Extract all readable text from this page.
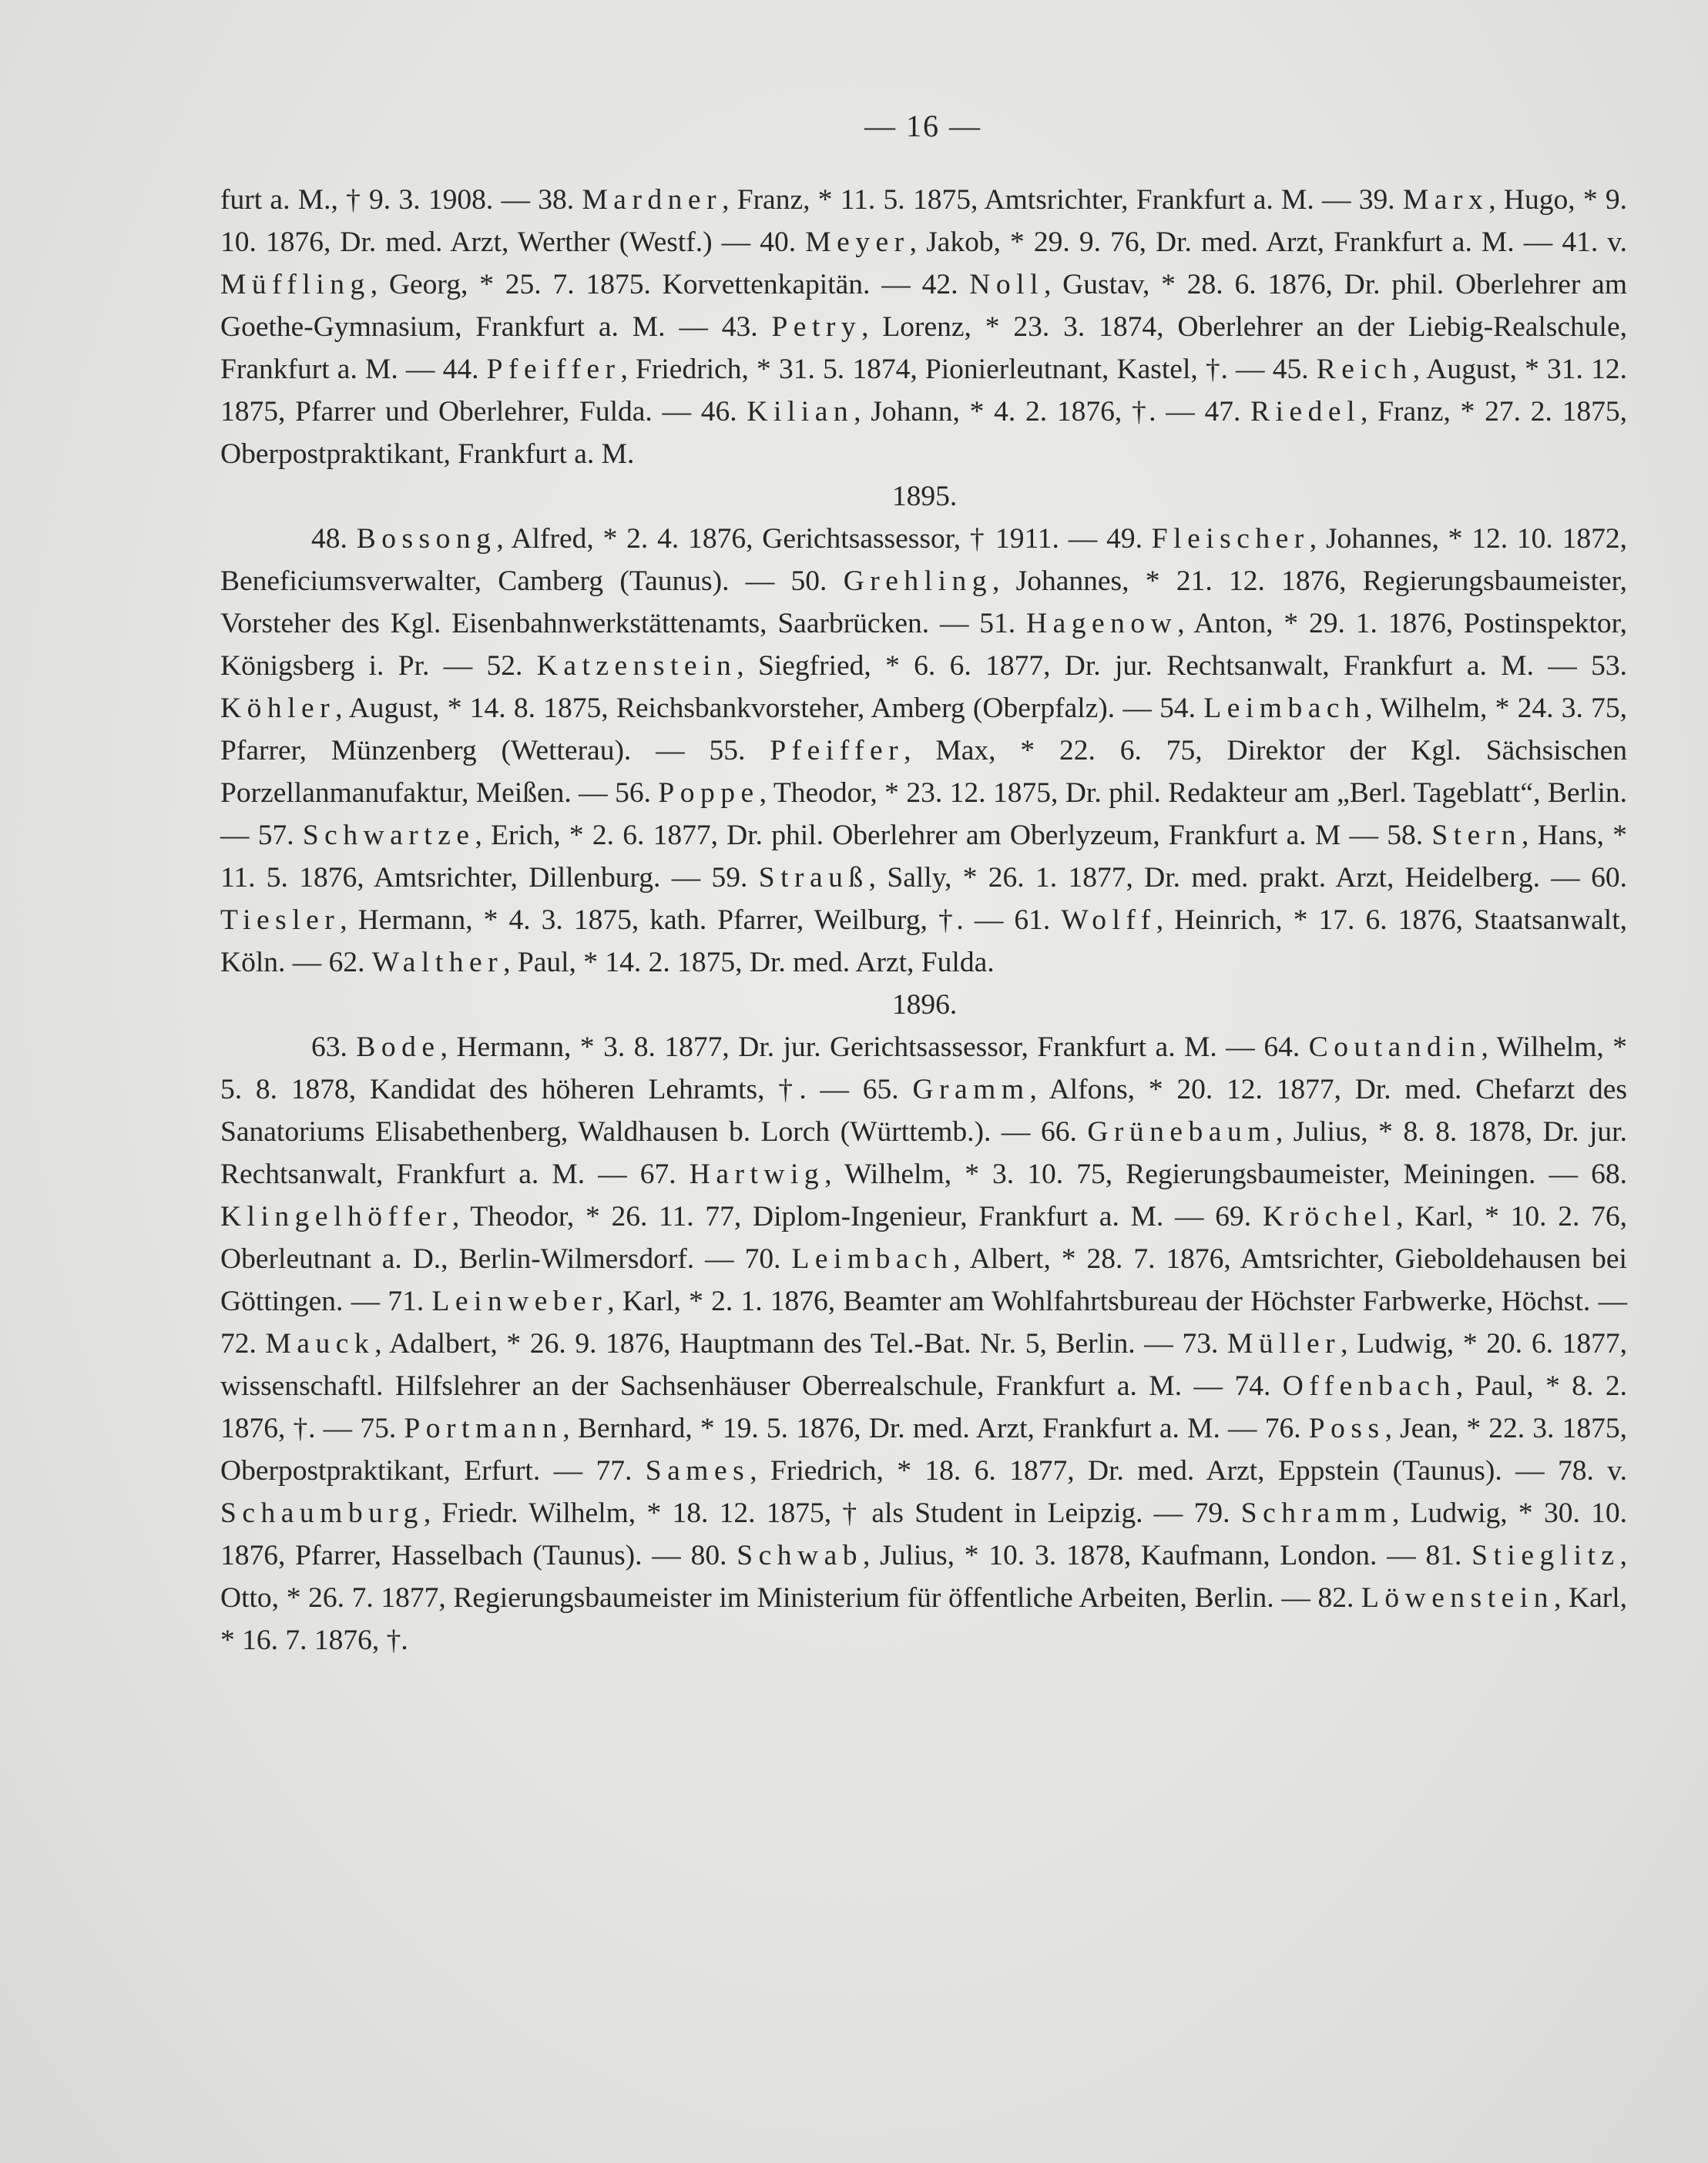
— 16 —

furt a. M., † 9. 3. 1908. — 38. Mardner, Franz, * 11. 5. 1875, Amtsrichter, Frankfurt a. M. — 39. Marx, Hugo, * 9. 10. 1876, Dr. med. Arzt, Werther (Westf.) — 40. Meyer, Jakob, * 29. 9. 76, Dr. med. Arzt, Frankfurt a. M. — 41. v. Müffling, Georg, * 25. 7. 1875. Korvettenkapitän. — 42. Noll, Gustav, * 28. 6. 1876, Dr. phil. Oberlehrer am Goethe-Gymnasium, Frankfurt a. M. — 43. Petry, Lorenz, * 23. 3. 1874, Oberlehrer an der Liebig-Realschule, Frankfurt a. M. — 44. Pfeiffer, Friedrich, * 31. 5. 1874, Pionierleutnant, Kastel, †. — 45. Reich, August, * 31. 12. 1875, Pfarrer und Oberlehrer, Fulda. — 46. Kilian, Johann, * 4. 2. 1876, †. — 47. Riedel, Franz, * 27. 2. 1875, Oberpostpraktikant, Frankfurt a. M.

1895.

48. Bossong, Alfred, * 2. 4. 1876, Gerichtsassessor, † 1911. — 49. Fleischer, Johannes, * 12. 10. 1872, Beneficiumsverwalter, Camberg (Taunus). — 50. Grehling, Johannes, * 21. 12. 1876, Regierungsbaumeister, Vorsteher des Kgl. Eisenbahnwerkstättenamts, Saarbrücken. — 51. Hagenow, Anton, * 29. 1. 1876, Postinspektor, Königsberg i. Pr. — 52. Katzenstein, Siegfried, * 6. 6. 1877, Dr. jur. Rechtsanwalt, Frankfurt a. M. — 53. Köhler, August, * 14. 8. 1875, Reichsbankvorsteher, Amberg (Oberpfalz). — 54. Leimbach, Wilhelm, * 24. 3. 75, Pfarrer, Münzenberg (Wetterau). — 55. Pfeiffer, Max, * 22. 6. 75, Direktor der Kgl. Sächsischen Porzellanmanufaktur, Meißen. — 56. Poppe, Theodor, * 23. 12. 1875, Dr. phil. Redakteur am „Berl. Tageblatt“, Berlin. — 57. Schwartze, Erich, * 2. 6. 1877, Dr. phil. Oberlehrer am Oberlyzeum, Frankfurt a. M — 58. Stern, Hans, * 11. 5. 1876, Amtsrichter, Dillenburg. — 59. Strauß, Sally, * 26. 1. 1877, Dr. med. prakt. Arzt, Heidelberg. — 60. Tiesler, Hermann, * 4. 3. 1875, kath. Pfarrer, Weilburg, †. — 61. Wolff, Heinrich, * 17. 6. 1876, Staatsanwalt, Köln. — 62. Walther, Paul, * 14. 2. 1875, Dr. med. Arzt, Fulda.

1896.

63. Bode, Hermann, * 3. 8. 1877, Dr. jur. Gerichtsassessor, Frankfurt a. M. — 64. Coutandin, Wilhelm, * 5. 8. 1878, Kandidat des höheren Lehramts, †. — 65. Gramm, Alfons, * 20. 12. 1877, Dr. med. Chefarzt des Sanatoriums Elisabethenberg, Waldhausen b. Lorch (Württemb.). — 66. Grünebaum, Julius, * 8. 8. 1878, Dr. jur. Rechtsanwalt, Frankfurt a. M. — 67. Hartwig, Wilhelm, * 3. 10. 75, Regierungsbaumeister, Meiningen. — 68. Klingelhöffer, Theodor, * 26. 11. 77, Diplom-Ingenieur, Frankfurt a. M. — 69. Kröchel, Karl, * 10. 2. 76, Oberleutnant a. D., Berlin-Wilmersdorf. — 70. Leimbach, Albert, * 28. 7. 1876, Amtsrichter, Gieboldehausen bei Göttingen. — 71. Leinweber, Karl, * 2. 1. 1876, Beamter am Wohlfahrtsbureau der Höchster Farbwerke, Höchst. — 72. Mauck, Adalbert, * 26. 9. 1876, Hauptmann des Tel.-Bat. Nr. 5, Berlin. — 73. Müller, Ludwig, * 20. 6. 1877, wissenschaftl. Hilfslehrer an der Sachsenhäuser Oberrealschule, Frankfurt a. M. — 74. Offenbach, Paul, * 8. 2. 1876, †. — 75. Portmann, Bernhard, * 19. 5. 1876, Dr. med. Arzt, Frankfurt a. M. — 76. Poss, Jean, * 22. 3. 1875, Oberpostpraktikant, Erfurt. — 77. Sames, Friedrich, * 18. 6. 1877, Dr. med. Arzt, Eppstein (Taunus). — 78. v. Schaumburg, Friedr. Wilhelm, * 18. 12. 1875, † als Student in Leipzig. — 79. Schramm, Ludwig, * 30. 10. 1876, Pfarrer, Hasselbach (Taunus). — 80. Schwab, Julius, * 10. 3. 1878, Kaufmann, London. — 81. Stieglitz, Otto, * 26. 7. 1877, Regierungsbaumeister im Ministerium für öffentliche Arbeiten, Berlin. — 82. Löwenstein, Karl, * 16. 7. 1876, †.
